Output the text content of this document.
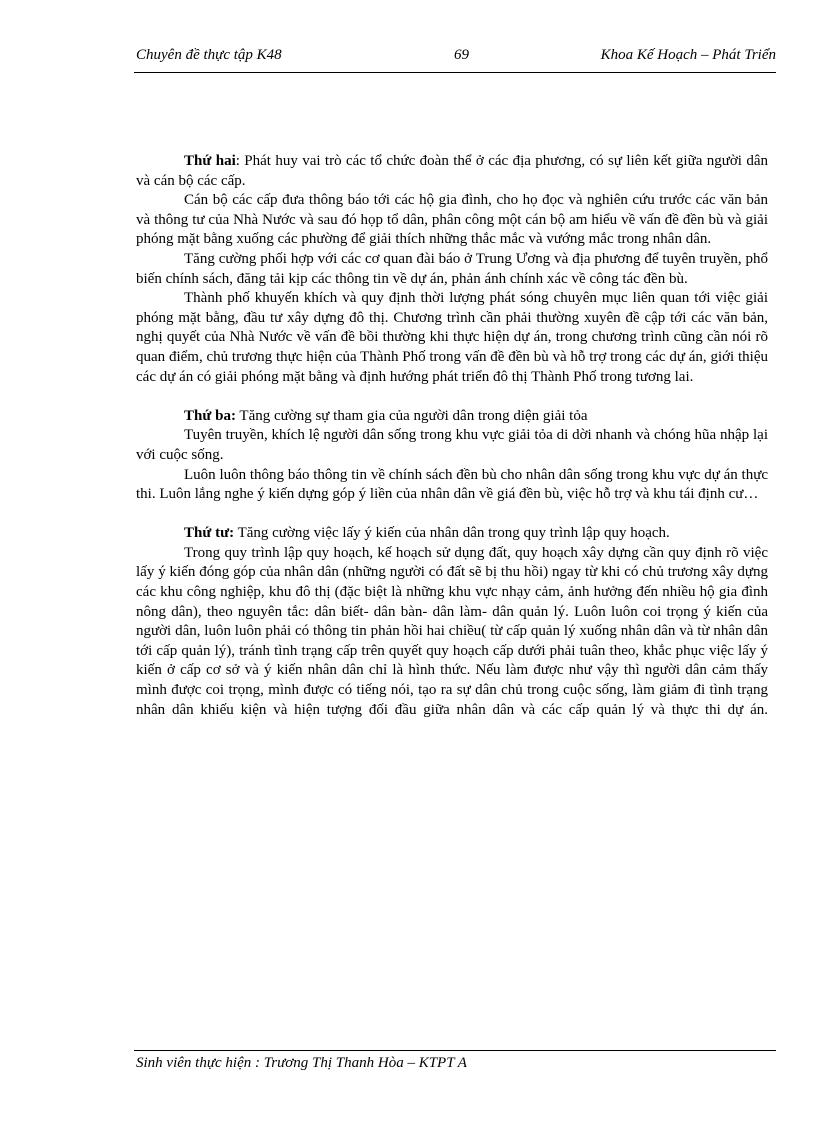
Chuyên đề thực tập K48	69	Khoa Kế Hoạch – Phát Triển

Thứ hai: Phát huy vai trò các tổ chức đoàn thể ở các địa phương, có sự liên kết giữa người dân và cán bộ các cấp.

Cán bộ các cấp đưa thông báo tới các hộ gia đình, cho họ đọc và nghiên cứu trước các văn bản và thông tư của Nhà Nước và sau đó họp tổ dân, phân công một cán bộ am hiểu về vấn đề đền bù và giải phóng mặt bằng xuống các phường để giải thích những thắc mắc và vướng mắc trong nhân dân.

Tăng cường phối hợp với các cơ quan đài báo ở Trung Ương và địa phương để tuyên truyền, phổ biến chính sách, đăng tải kịp các thông tin về dự án, phản ánh chính xác về công tác đền bù.

Thành phố khuyến khích và quy định thời lượng phát sóng chuyên mục liên quan tới việc giải phóng mặt bằng, đầu tư xây dựng đô thị. Chương trình cần phải thường xuyên đề cập tới các văn bản, nghị quyết của Nhà Nước về vấn đề bồi thường khi thực hiện dự án, trong chương trình cũng cần nói rõ quan điểm, chủ trương thực hiện của Thành Phố trong vấn đề đền bù và hỗ trợ trong các dự án, giới thiệu các dự án có giải phóng mặt bằng và định hướng phát triển đô thị Thành Phố trong tương lai.

Thứ ba: Tăng cường sự tham gia của người dân trong diện giải tỏa

Tuyên truyền, khích lệ người dân sống trong khu vực giải tỏa di dời nhanh và chóng hũa nhập lại với cuộc sống.

Luôn luôn thông báo thông tin về chính sách đền bù cho nhân dân sống trong khu vực dự án thực thi. Luôn lắng nghe ý kiến dựng góp ý liền của nhân dân về giá đền bù, việc hỗ trợ và khu tái định cư…

Thứ tư: Tăng cường việc lấy ý kiến của nhân dân trong quy trình lập quy hoạch.

Trong quy trình lập quy hoạch, kế hoạch sử dụng đất, quy hoạch xây dựng cần quy định rõ việc lấy ý kiến đóng góp của nhân dân (những người có đất sẽ bị thu hồi) ngay từ khi có chủ trương xây dựng các khu công nghiệp, khu đô thị (đặc biệt là những khu vực nhạy cảm, ảnh hưởng đến nhiều hộ gia đình nông dân), theo nguyên tắc: dân biết- dân bàn- dân làm- dân quản lý. Luôn luôn coi trọng ý kiến của người dân, luôn luôn phải có thông tin phản hồi hai chiều( từ cấp quản lý xuống nhân dân và từ nhân dân tới cấp quản lý), tránh tình trạng cấp trên quyết quy hoạch cấp dưới phải tuân theo, khắc phục việc lấy ý kiến ở cấp cơ sở và ý kiến nhân dân chỉ là hình thức. Nếu làm được như vậy thì người dân cảm thấy mình được coi trọng, mình được có tiếng nói, tạo ra sự dân chủ trong cuộc sống, làm giảm đi tình trạng nhân dân khiếu kiện và hiện tượng đối đầu giữa nhân dân và các cấp quản lý và thực thi dự án.

Sinh viên thực hiện : Trương Thị Thanh Hòa – KTPT A
